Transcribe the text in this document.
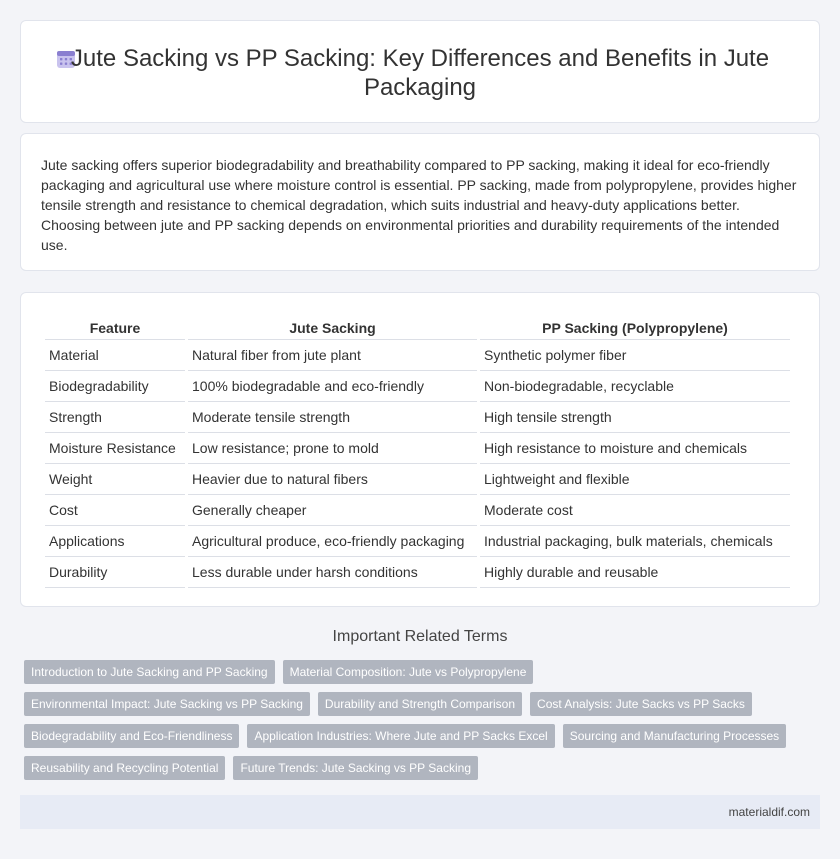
Jute Sacking vs PP Sacking: Key Differences and Benefits in Jute Packaging

Jute sacking offers superior biodegradability and breathability compared to PP sacking, making it ideal for eco-friendly packaging and agricultural use where moisture control is essential. PP sacking, made from polypropylene, provides higher tensile strength and resistance to chemical degradation, which suits industrial and heavy-duty applications better. Choosing between jute and PP sacking depends on environmental priorities and durability requirements of the intended use.

Feature	Jute Sacking	PP Sacking (Polypropylene)
Material	Natural fiber from jute plant	Synthetic polymer fiber
Biodegradability	100% biodegradable and eco-friendly	Non-biodegradable, recyclable
Strength	Moderate tensile strength	High tensile strength
Moisture Resistance	Low resistance; prone to mold	High resistance to moisture and chemicals
Weight	Heavier due to natural fibers	Lightweight and flexible
Cost	Generally cheaper	Moderate cost
Applications	Agricultural produce, eco-friendly packaging	Industrial packaging, bulk materials, chemicals
Durability	Less durable under harsh conditions	Highly durable and reusable
Important Related Terms
Introduction to Jute Sacking and PP Sacking	Material Composition: Jute vs Polypropylene
Environmental Impact: Jute Sacking vs PP Sacking	Durability and Strength Comparison	Cost Analysis: Jute Sacks vs PP Sacks
Biodegradability and Eco-Friendliness	Application Industries: Where Jute and PP Sacks Excel	Sourcing and Manufacturing Processes
Reusability and Recycling Potential	Future Trends: Jute Sacking vs PP Sacking
materialdif.com
